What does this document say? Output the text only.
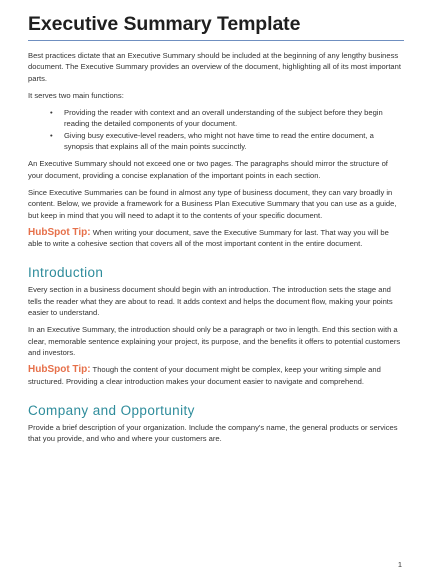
Executive Summary Template

Best practices dictate that an Executive Summary should be included at the beginning of any lengthy business document. The Executive Summary provides an overview of the document, highlighting all of its most important parts.

It serves two main functions:

• Providing the reader with context and an overall understanding of the subject before they begin reading the detailed components of your document.
• Giving busy executive-level readers, who might not have time to read the entire document, a synopsis that explains all of the main points succinctly.

An Executive Summary should not exceed one or two pages. The paragraphs should mirror the structure of your document, providing a concise explanation of the important points in each section.

Since Executive Summaries can be found in almost any type of business document, they can vary broadly in content. Below, we provide a framework for a Business Plan Executive Summary that you can use as a guide, but keep in mind that you will need to adapt it to the contents of your specific document.

HubSpot Tip: When writing your document, save the Executive Summary for last. That way you will be able to write a cohesive section that covers all of the most important content in the entire document.

Introduction

Every section in a business document should begin with an introduction. The introduction sets the stage and tells the reader what they are about to read. It adds context and helps the document flow, making your points easier to understand.

In an Executive Summary, the introduction should only be a paragraph or two in length. End this section with a clear, memorable sentence explaining your project, its purpose, and the benefits it offers to potential customers and investors.

HubSpot Tip: Though the content of your document might be complex, keep your writing simple and structured. Providing a clear introduction makes your document easier to navigate and comprehend.

Company and Opportunity

Provide a brief description of your organization. Include the company's name, the general products or services that you provide, and who and where your customers are.

1
